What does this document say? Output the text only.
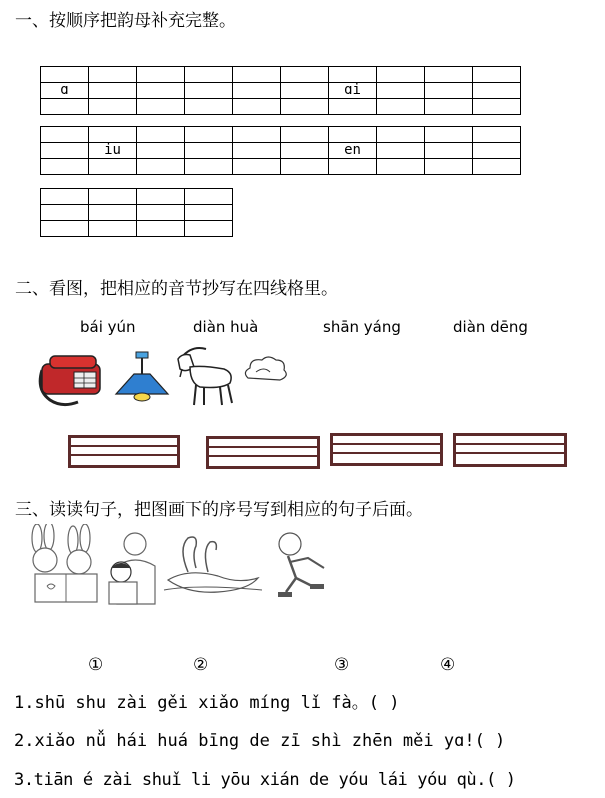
一、按顺序把韵母补充完整。

ɑ						ɑi			

	iu					en			

二、看图，把相应的音节抄写在四线格里。
bái yún	diàn huà	shān yáng	diàn dēng
三、读读句子，把图画下的序号写到相应的句子后面。
①	②	③	④
1.shū shu zài gěi xiǎo míng lǐ fà。( )
2.xiǎo nǚ hái huá bīng de zī shì zhēn měi yɑ!( )
3.tiān é zài shuǐ li yōu xián de yóu lái yóu qù.( )
